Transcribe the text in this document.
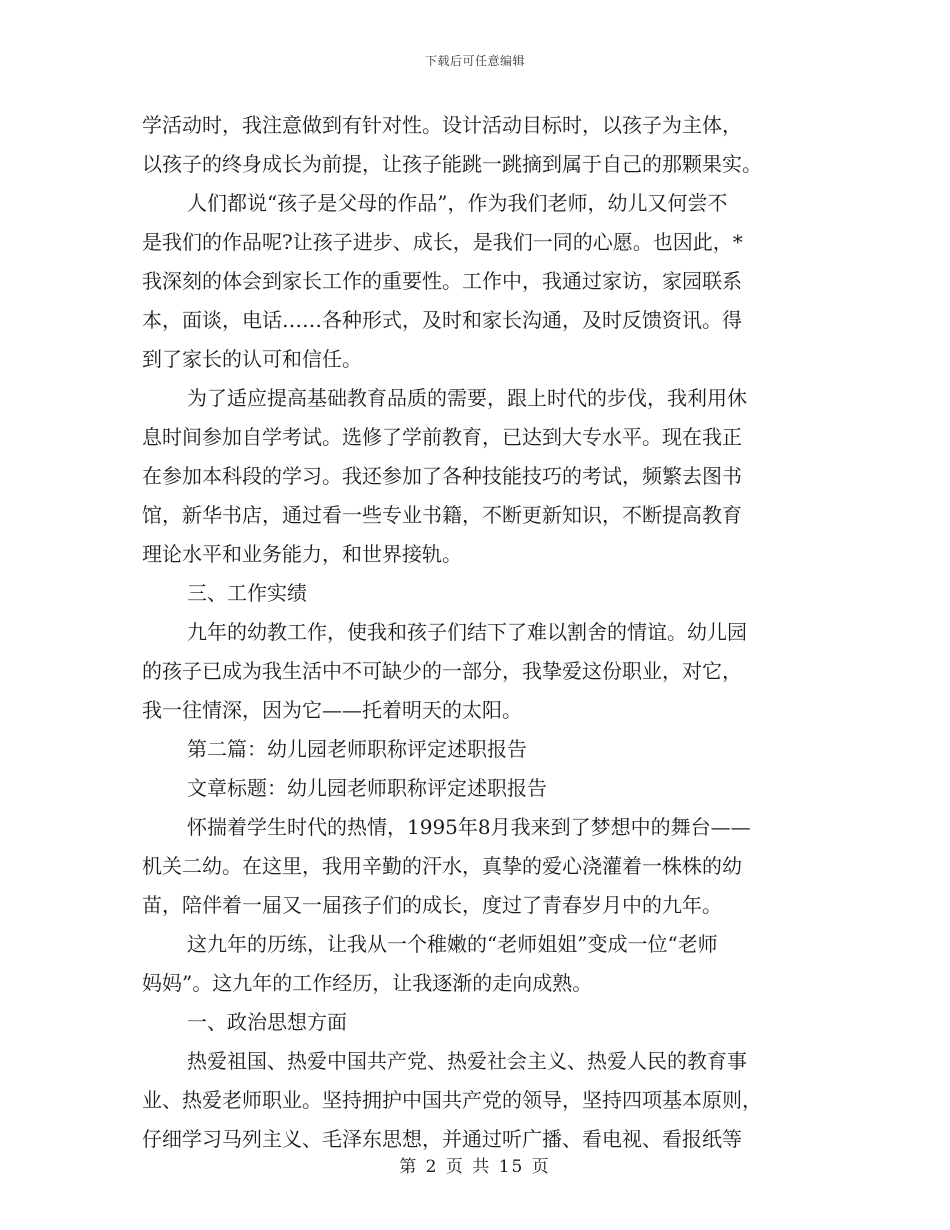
下载后可任意编辑
学活动时，我注意做到有针对性。设计活动目标时，以孩子为主体，
以孩子的终身成长为前提，让孩子能跳一跳摘到属于自己的那颗果实。
人们都说“孩子是父母的作品”，作为我们老师，幼儿又何尝不
是我们的作品呢?让孩子进步、成长，是我们一同的心愿。也因此，*
我深刻的体会到家长工作的重要性。工作中，我通过家访，家园联系
本，面谈，电话……各种形式，及时和家长沟通，及时反馈资讯。得
到了家长的认可和信任。
为了适应提高基础教育品质的需要，跟上时代的步伐，我利用休
息时间参加自学考试。选修了学前教育，已达到大专水平。现在我正
在参加本科段的学习。我还参加了各种技能技巧的考试，频繁去图书
馆，新华书店，通过看一些专业书籍，不断更新知识，不断提高教育
理论水平和业务能力，和世界接轨。
三、工作实绩
九年的幼教工作，使我和孩子们结下了难以割舍的情谊。幼儿园
的孩子已成为我生活中不可缺少的一部分，我挚爱这份职业，对它，
我一往情深，因为它——托着明天的太阳。
第二篇：幼儿园老师职称评定述职报告
文章标题：幼儿园老师职称评定述职报告
怀揣着学生时代的热情，1995年8月我来到了梦想中的舞台——
机关二幼。在这里，我用辛勤的汗水，真挚的爱心浇灌着一株株的幼
苗，陪伴着一届又一届孩子们的成长，度过了青春岁月中的九年。
这九年的历练，让我从一个稚嫩的“老师姐姐”变成一位“老师
妈妈”。这九年的工作经历，让我逐渐的走向成熟。
一、政治思想方面
热爱祖国、热爱中国共产党、热爱社会主义、热爱人民的教育事
业、热爱老师职业。坚持拥护中国共产党的领导，坚持四项基本原则，
仔细学习马列主义、毛泽东思想，并通过听广播、看电视、看报纸等
第 2 页 共 15 页
